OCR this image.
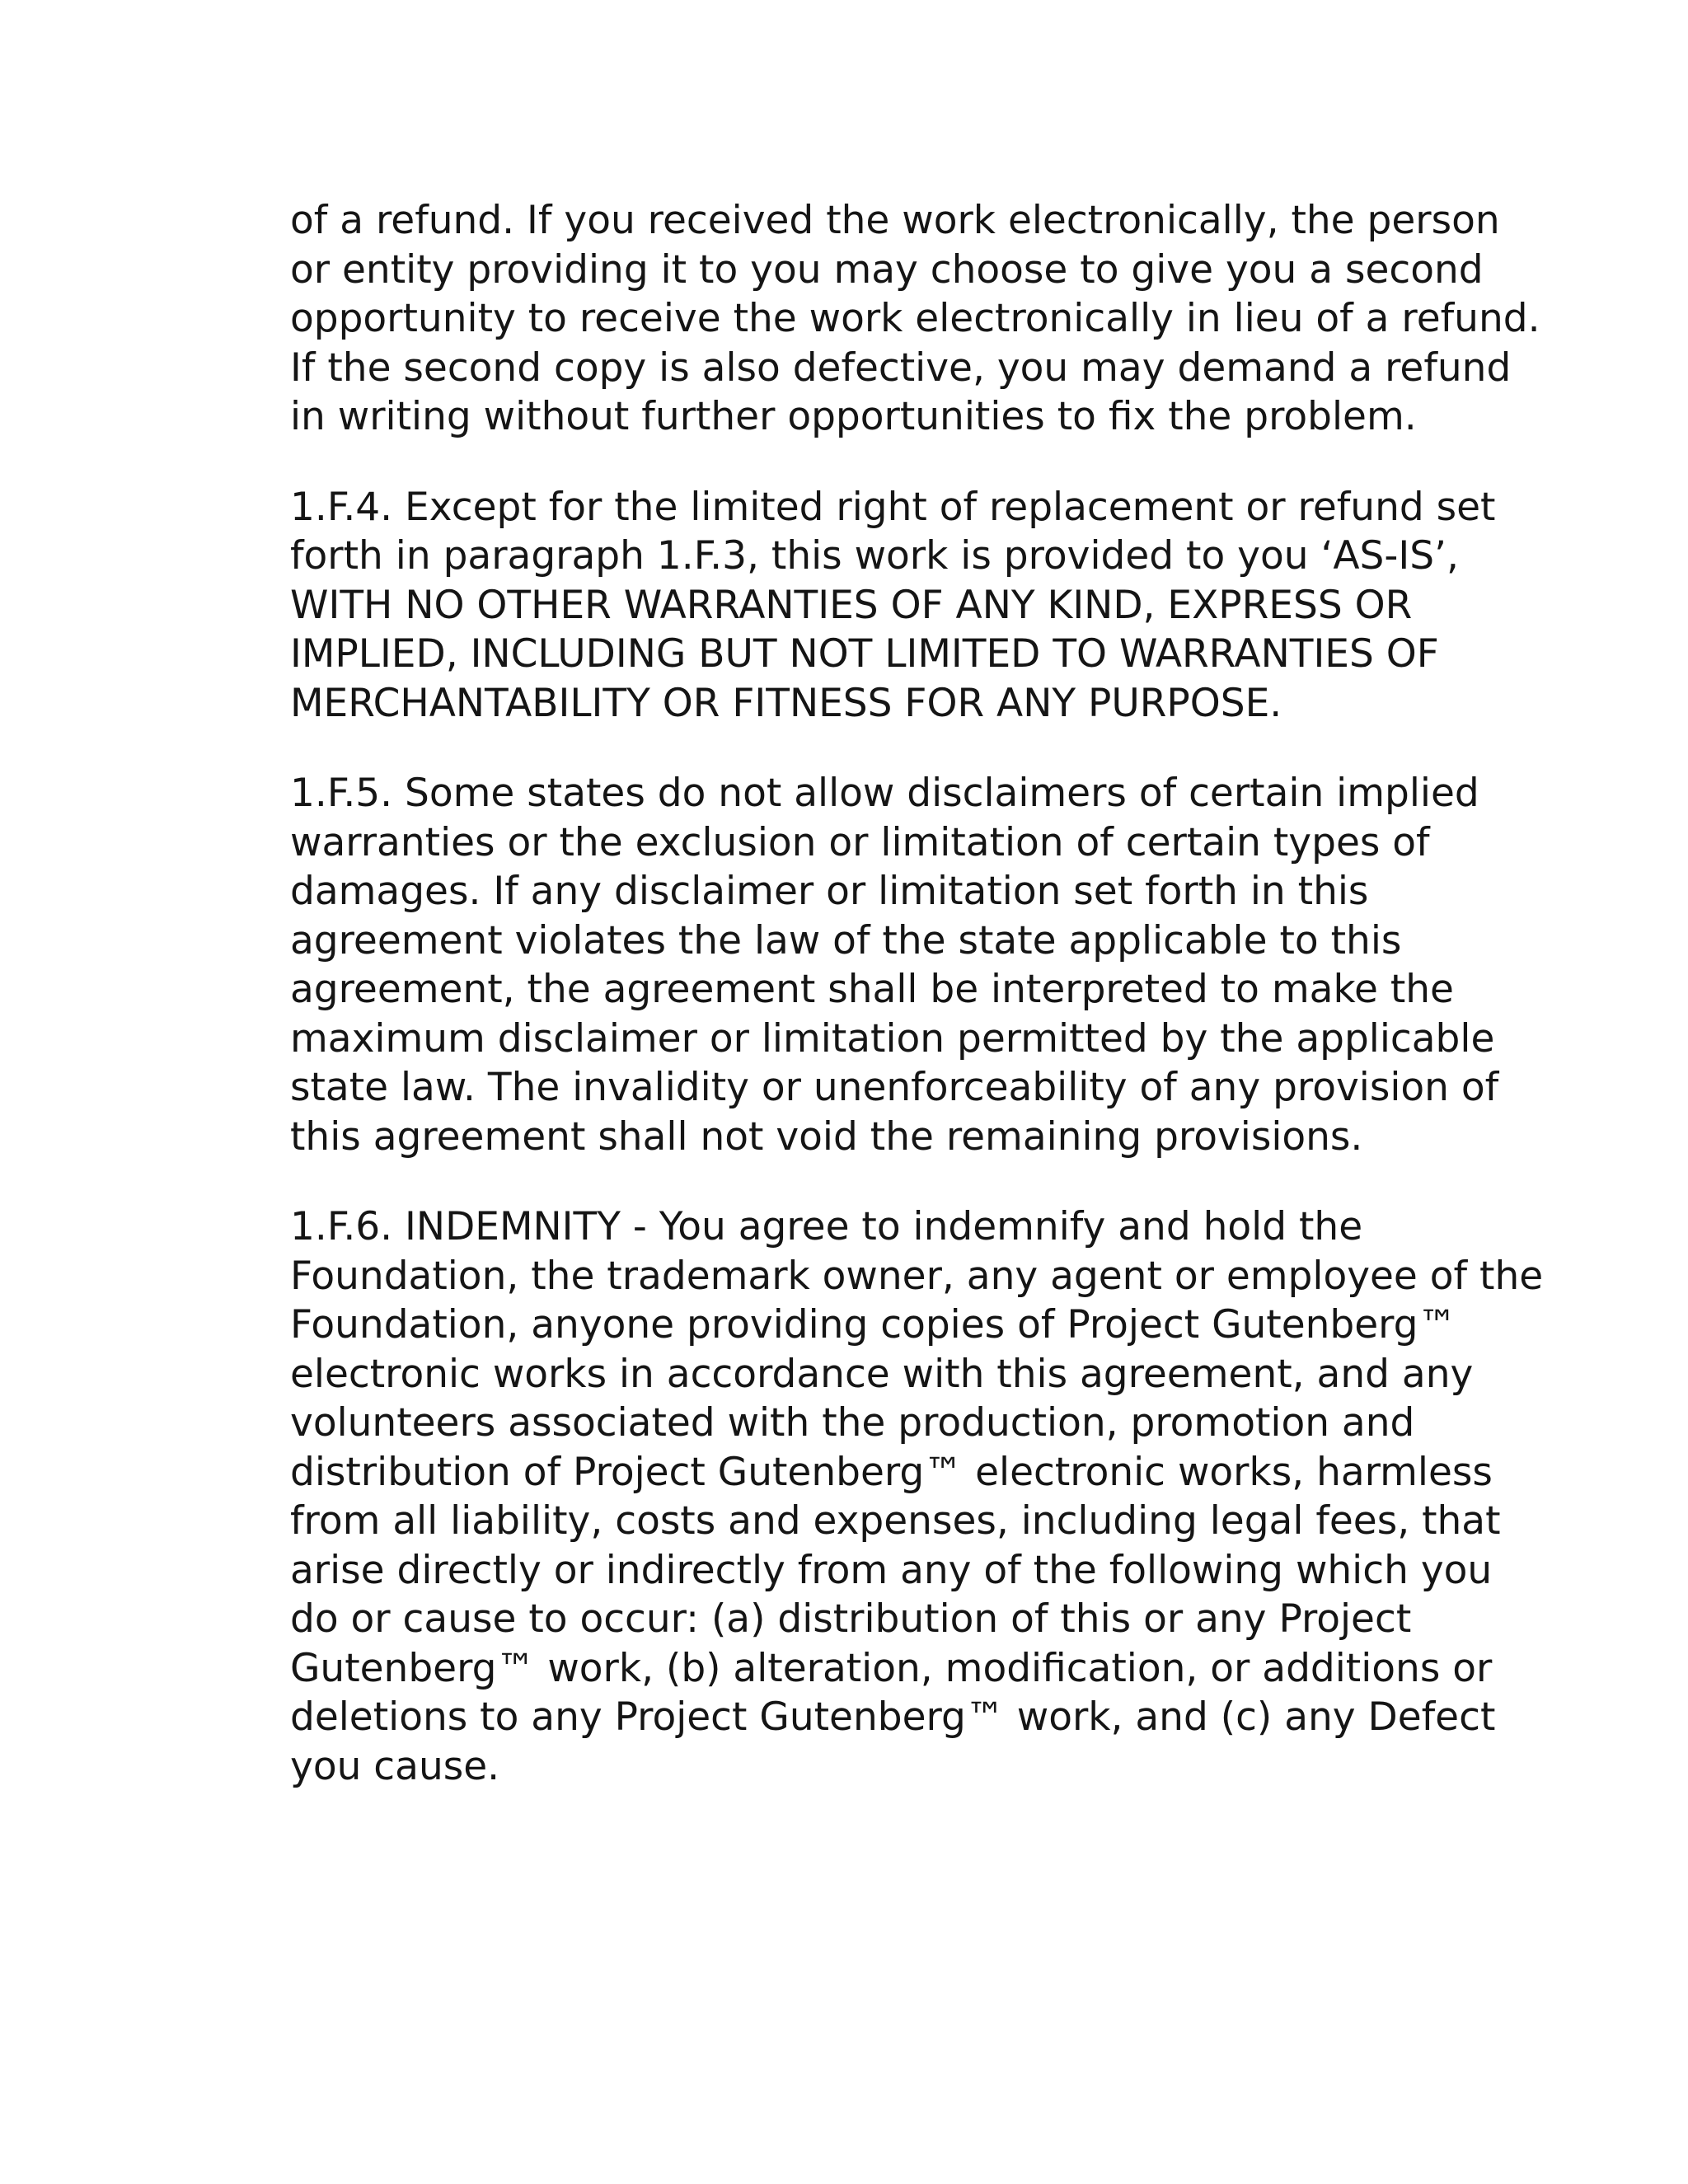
of a refund. If you received the work electronically, the person
or entity providing it to you may choose to give you a second
opportunity to receive the work electronically in lieu of a refund.
If the second copy is also defective, you may demand a refund
in writing without further opportunities to fix the problem.

1.F.4. Except for the limited right of replacement or refund set
forth in paragraph 1.F.3, this work is provided to you ‘AS-IS’,
WITH NO OTHER WARRANTIES OF ANY KIND, EXPRESS OR
IMPLIED, INCLUDING BUT NOT LIMITED TO WARRANTIES OF
MERCHANTABILITY OR FITNESS FOR ANY PURPOSE.

1.F.5. Some states do not allow disclaimers of certain implied
warranties or the exclusion or limitation of certain types of
damages. If any disclaimer or limitation set forth in this
agreement violates the law of the state applicable to this
agreement, the agreement shall be interpreted to make the
maximum disclaimer or limitation permitted by the applicable
state law. The invalidity or unenforceability of any provision of
this agreement shall not void the remaining provisions.

1.F.6. INDEMNITY - You agree to indemnify and hold the
Foundation, the trademark owner, any agent or employee of the
Foundation, anyone providing copies of Project Gutenberg™
electronic works in accordance with this agreement, and any
volunteers associated with the production, promotion and
distribution of Project Gutenberg™ electronic works, harmless
from all liability, costs and expenses, including legal fees, that
arise directly or indirectly from any of the following which you
do or cause to occur: (a) distribution of this or any Project
Gutenberg™ work, (b) alteration, modification, or additions or
deletions to any Project Gutenberg™ work, and (c) any Defect
you cause.
